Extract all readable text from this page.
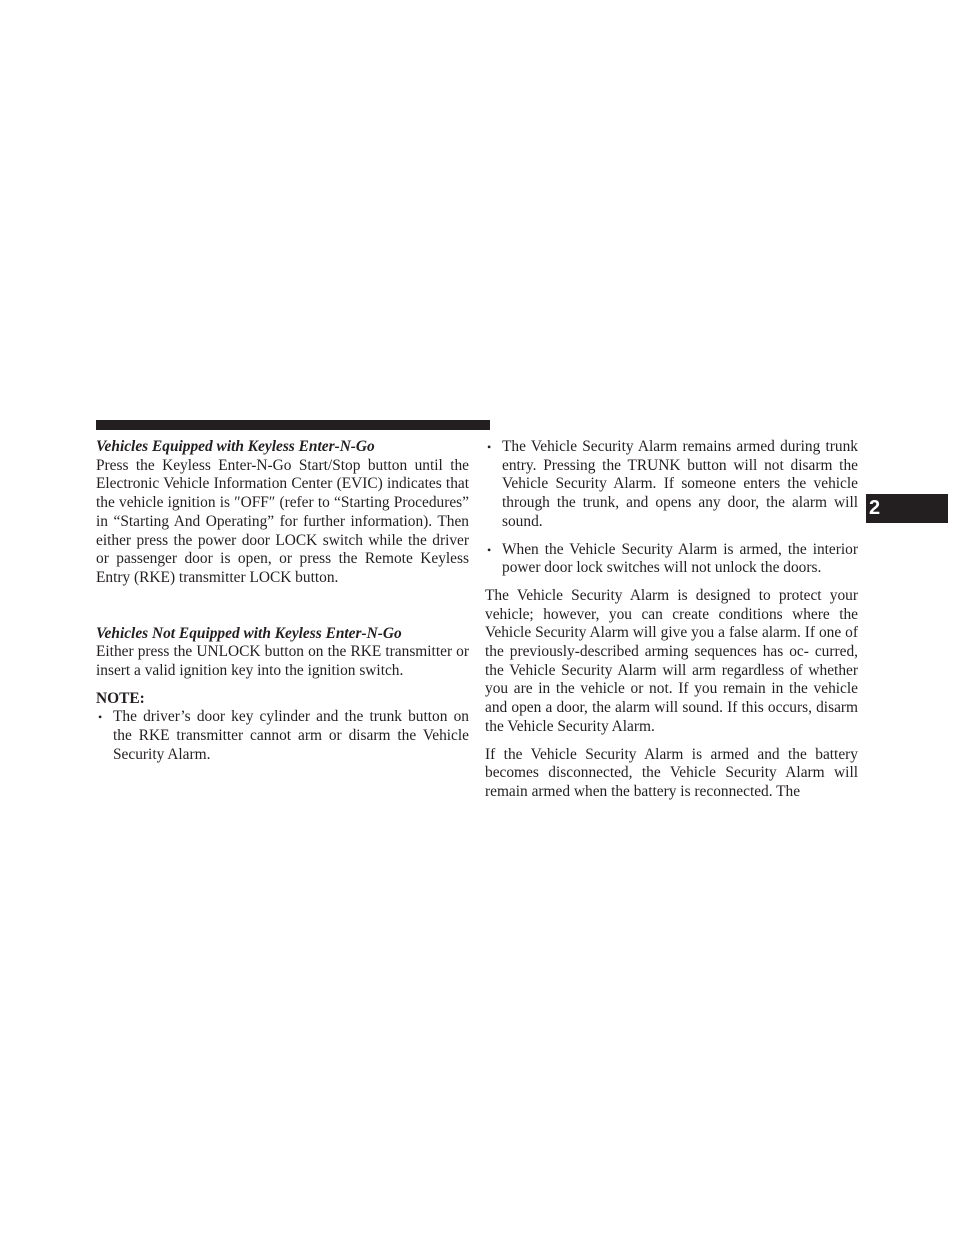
2

Vehicles Equipped with Keyless Enter-N-Go

Press the Keyless Enter-N-Go Start/Stop button until the Electronic Vehicle Information Center (EVIC) indicates that the vehicle ignition is ″OFF″ (refer to “Starting Procedures” in “Starting And Operating” for further information). Then either press the power door LOCK switch while the driver or passenger door is open, or press the Remote Keyless Entry (RKE) transmitter LOCK button.

Vehicles Not Equipped with Keyless Enter-N-Go

Either press the UNLOCK button on the RKE transmitter or insert a valid ignition key into the ignition switch.

NOTE:

• The driver’s door key cylinder and the trunk button on the RKE transmitter cannot arm or disarm the Vehicle Security Alarm.
• The Vehicle Security Alarm remains armed during trunk entry. Pressing the TRUNK button will not disarm the Vehicle Security Alarm. If someone enters the vehicle through the trunk, and opens any door, the alarm will sound.
• When the Vehicle Security Alarm is armed, the interior power door lock switches will not unlock the doors.

The Vehicle Security Alarm is designed to protect your vehicle; however, you can create conditions where the Vehicle Security Alarm will give you a false alarm. If one of the previously-described arming sequences has oc- curred, the Vehicle Security Alarm will arm regardless of whether you are in the vehicle or not. If you remain in the vehicle and open a door, the alarm will sound. If this occurs, disarm the Vehicle Security Alarm.

If the Vehicle Security Alarm is armed and the battery becomes disconnected, the Vehicle Security Alarm will remain armed when the battery is reconnected. The
